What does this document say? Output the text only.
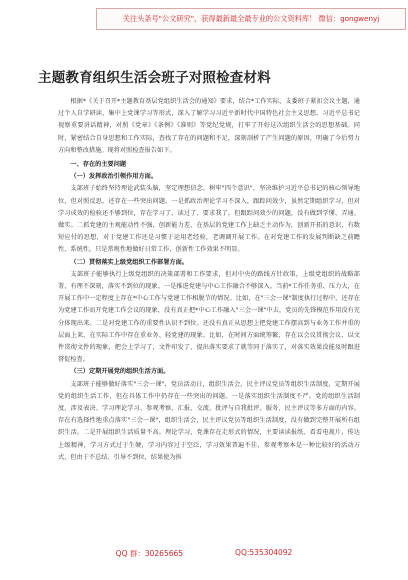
关注头条号"公文研究"，获得最新最全最专业的公文资料库！ 微信：gongwenyj
主题教育组织生活会班子对照检查材料

根据*《关于召开*主题教育基层党组织生活会的通知》要求，结合*工作实际，支委班子紧扣会议主题，通过个人自学研读、集中上党课学习等形式，深入了解学习习近平新时代中国特色社会主义思想、习近平总书记视察重要讲话精神，对照《党章》《条例》《准则》等党纪党规，打牢了开好这次组织生活会的思想基础。同时，紧密结合自身思想和工作实际，查找了存在的问题和不足，深刻剖析了产生问题的原因，明确了今后努力方向和整改措施。现将对照检查报告如下。

一、存在的主要问题

（一）发挥政治引领作用方面。

支部班子始终坚持理论武装头脑，坚定理想信念，树牢"四个意识"，坚决维护习近平总书记的核心领导地位，但对照反思，还存在一些突出问题。一是抓政治理论学习不深入，跟踪问效少，虽然定期组织学习，但对学习成效的检验还不够到位，存在学习了、读过了、要求我了，但跟踪问效少的问题，没有做到学懂、弄通、做实。二抓党建的主观能动性不强，创新能力差，在基层的党建工作上缺乏主动作为，创新开拓的意识，有数短应付的思想，对于党建工作还是习惯于运用老经验，老调调开展工作。在对党建工作的发展判断缺乏前瞻性、系统性，只是常规性地做好日常工作，创新性工作效果不明显。

（二）贯彻落实上级党组织工作部署方面。

支部班子能够执行上级党组织的决策部署和工作要求，但对中央的路线方针政策，上级党组织的战略部署，有理不深刻，落实不到位的现象。一是推进党建与中心工作融合不够深入。当前*工作任务重、压力大，在开展工作中一定程度上存在*中心工作与党建工作相脱节的情况。比如，在"三会一课"制度执行过程中，还存在为党建工作而开党建工作会议的现象，没有真正把*中心工作融入"三会一课"中去，党员的先锋模范作用没有充分体现出来。二是对党建工作的重要性认识不到位。还没有真正从思想上把党建工作摆高到与业务工作并重的层面上来，在实际工作中存在重业务、轻党建的现象。比如，在时间方面统筹繁，存在以会议贯彻会议，以文件贯彻文件的现象，把会上学习了，文件印发了，提出落实要求了就等同于落实了，对落实效果没能及时跟进督促检查。

（三）定期开展党的组织生活方面。

支部班子能够做好落实"三会一课"，党员活动日，组织生活会，民主评议党员等组织生活制度，定期开展党的组织生活工作，但在具体工作中仍存在一些突出的问题。一是落实组织生活制度不严。党的组织生活制度，涉及表决、学习理论学习、参观考察、汇报、交流、批评与自我批评、服务、民主评议等多方面的内容。存在有选择性地重点落实"三会一课"，组织生活会，民主评议党员等组织生活制度，没有做到完整开展所有组织生活。二是开展组织生活质量不高。理论学习，党课存在走形式的情况，主要读读报纸、看看电视片，传达上级精神，学习方式过于生硬，学习内容过于空泛，学习效果普遍不佳，参观考察本是一种比较好的活动方式，但由于不总结、引导不到位，结果使为拆

QQ 群：30265665	QQ:535304092
